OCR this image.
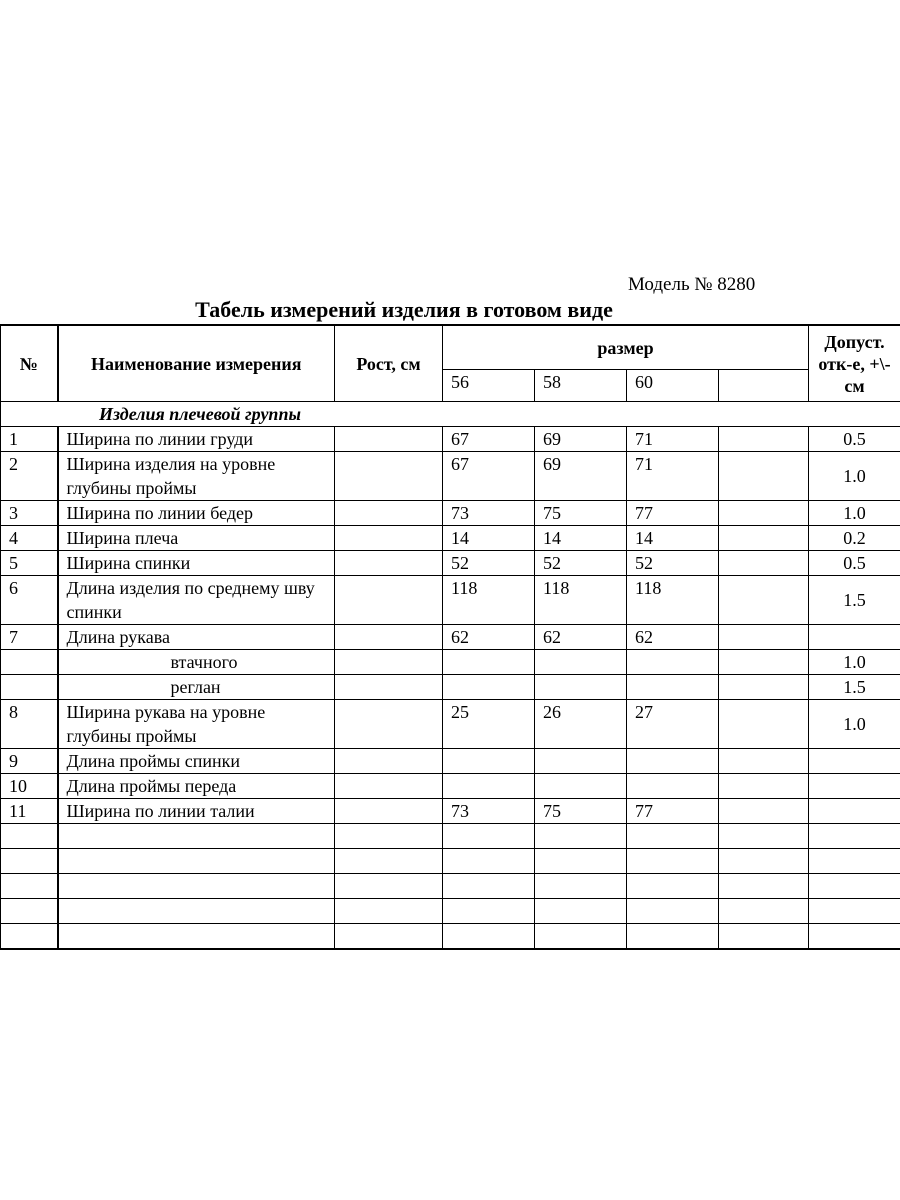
Модель № 8280
Табель измерений изделия в готовом виде
№	Наименование измерения	Рост, см	размер				Допуст. отк-е, +\-см
			56	58	60		
Изделия плечевой группы							
1	Ширина по линии груди		67	69	71		0.5
2	Ширина изделия на уровне глубины проймы		67	69	71		1.0
3	Ширина по линии бедер		73	75	77		1.0
4	Ширина плеча		14	14	14		0.2
5	Ширина спинки		52	52	52		0.5
6	Длина изделия по среднему шву спинки		118	118	118		1.5
7	Длина рукава		62	62	62		
	втачного						1.0
	реглан						1.5
8	Ширина рукава на уровне глубины проймы		25	26	27		1.0
9	Длина проймы спинки						
10	Длина проймы переда						
11	Ширина по линии талии		73	75	77		
